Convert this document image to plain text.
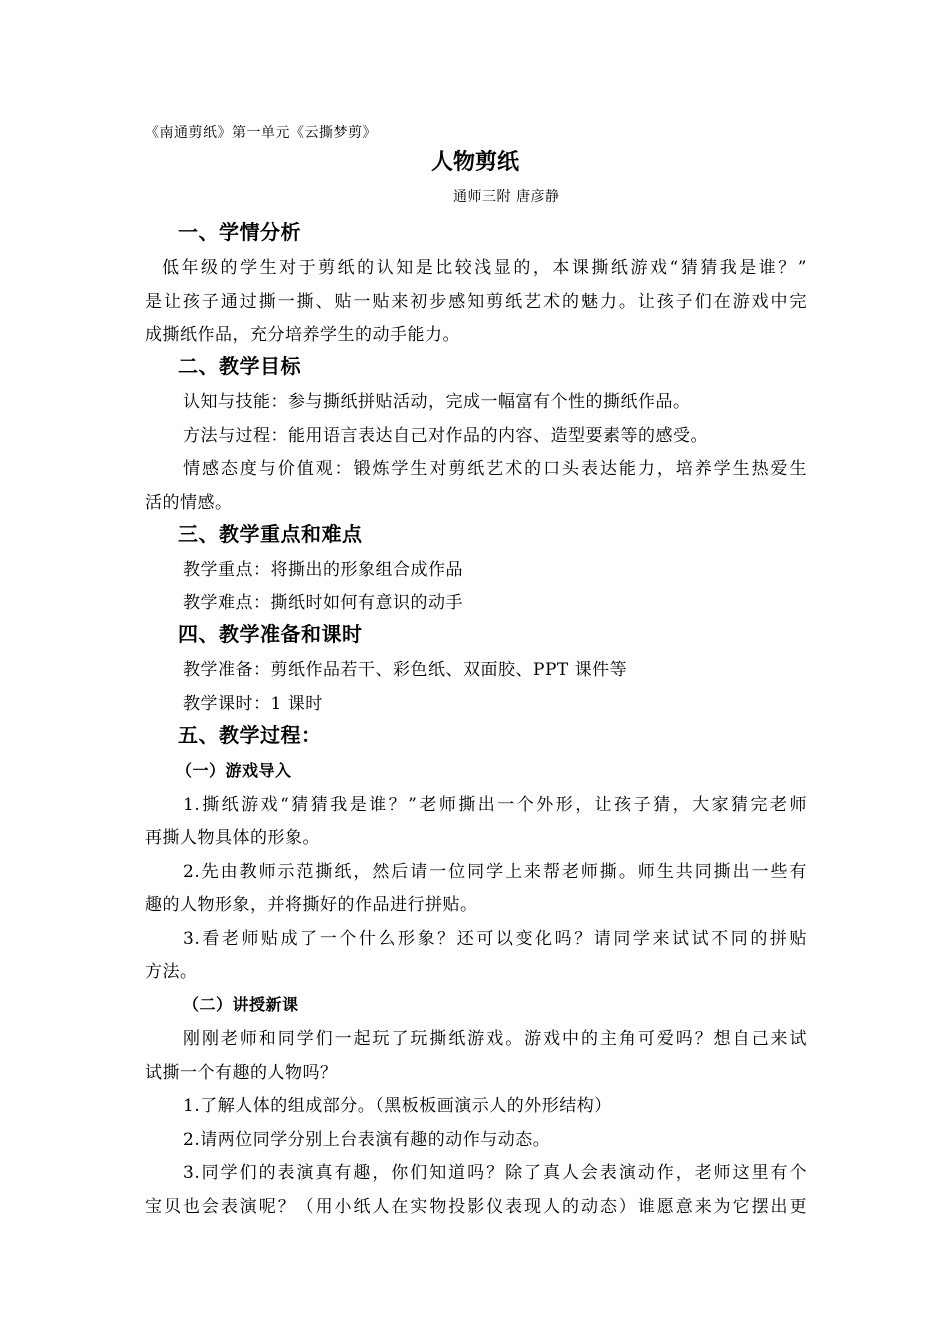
《南通剪纸》第一单元《云撕梦剪》
人物剪纸
通师三附 唐彦静
一、学情分析
低年级的学生对于剪纸的认知是比较浅显的，本课撕纸游戏“猜猜我是谁？”
是让孩子通过撕一撕、贴一贴来初步感知剪纸艺术的魅力。让孩子们在游戏中完
成撕纸作品，充分培养学生的动手能力。
二、教学目标
认知与技能：参与撕纸拼贴活动，完成一幅富有个性的撕纸作品。
方法与过程：能用语言表达自己对作品的内容、造型要素等的感受。
情感态度与价值观：锻炼学生对剪纸艺术的口头表达能力，培养学生热爱生
活的情感。
三、教学重点和难点
教学重点：将撕出的形象组合成作品
教学难点：撕纸时如何有意识的动手
四、教学准备和课时
教学准备：剪纸作品若干、彩色纸、双面胶、PPT 课件等
教学课时：1 课时
五、教学过程：
（一）游戏导入
1.撕纸游戏“猜猜我是谁？”老师撕出一个外形，让孩子猜，大家猜完老师
再撕人物具体的形象。
2.先由教师示范撕纸，然后请一位同学上来帮老师撕。师生共同撕出一些有
趣的人物形象，并将撕好的作品进行拼贴。
3.看老师贴成了一个什么形象？还可以变化吗？请同学来试试不同的拼贴
方法。
（二）讲授新课
刚刚老师和同学们一起玩了玩撕纸游戏。游戏中的主角可爱吗？想自己来试
试撕一个有趣的人物吗？
1.了解人体的组成部分。（黑板板画演示人的外形结构）
2.请两位同学分别上台表演有趣的动作与动态。
3.同学们的表演真有趣，你们知道吗？除了真人会表演动作，老师这里有个
宝贝也会表演呢？（用小纸人在实物投影仪表现人的动态）谁愿意来为它摆出更
